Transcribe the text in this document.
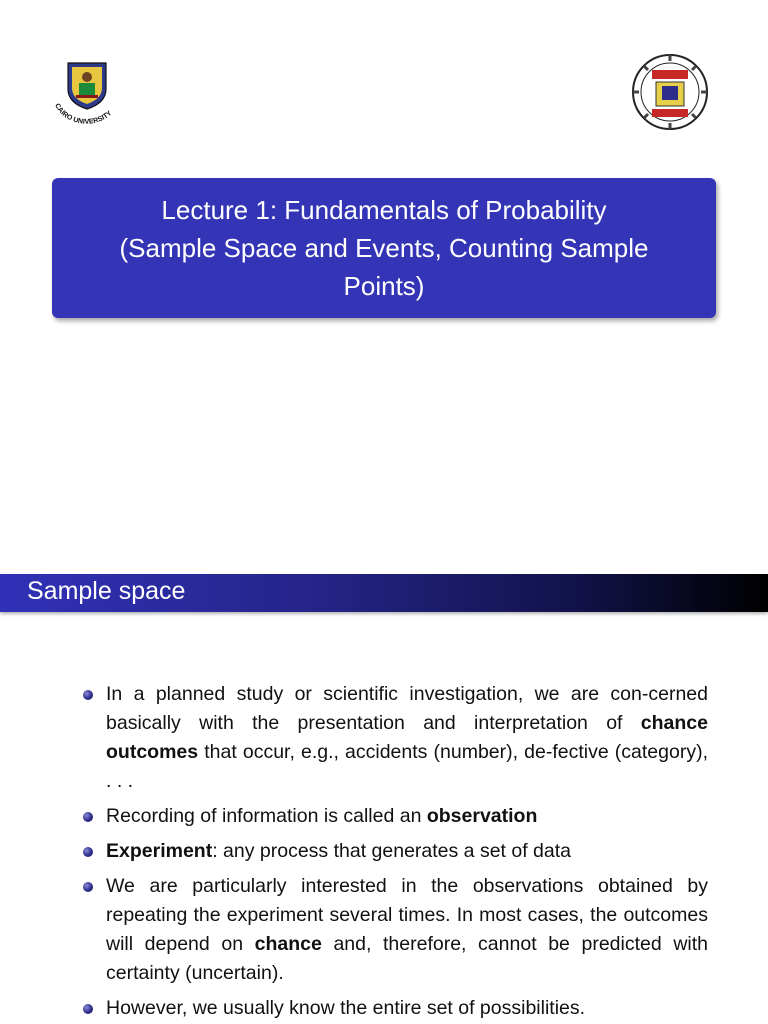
CAIRO UNIVERSITY
Lecture 1: Fundamentals of Probability
(Sample Space and Events, Counting Sample
Points)
Sample space
In a planned study or scientific investigation, we are con-cerned basically with the presentation and interpretation of chance outcomes that occur, e.g., accidents (number), de-fective (category), . . .
Recording of information is called an observation
Experiment: any process that generates a set of data
We are particularly interested in the observations obtained by repeating the experiment several times. In most cases, the outcomes will depend on chance and, therefore, cannot be predicted with certainty (uncertain).
However, we usually know the entire set of possibilities.
